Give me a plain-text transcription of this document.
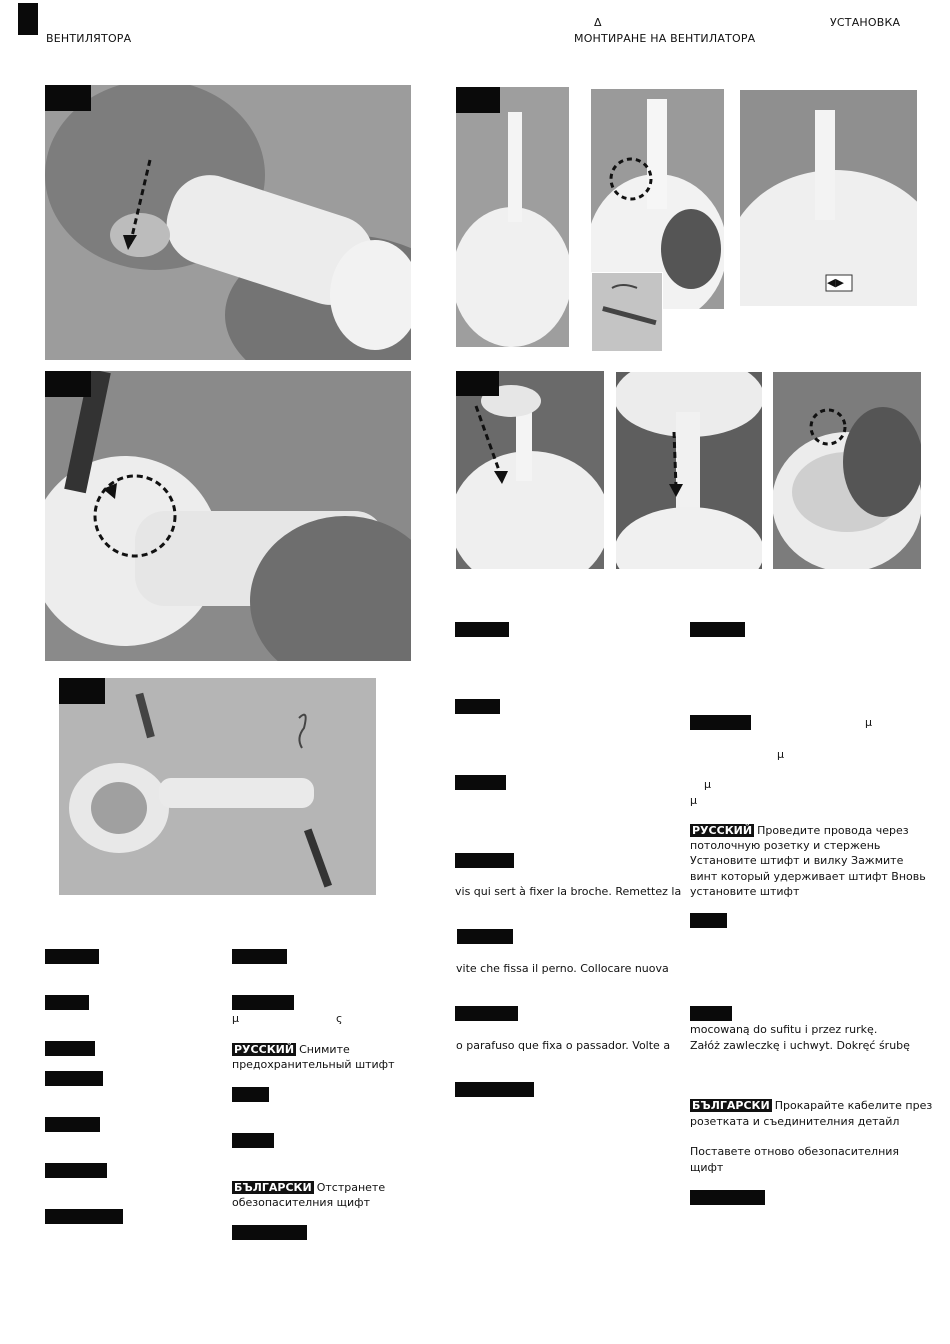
ВЕНТИЛЯТОРА
Δ
МОНТИРАНЕ НА ВЕНТИЛАТОРА
УСТАНОВКА
◀▶
vis qui sert à fixer la broche. Remettez la
vite che fissa il perno. Collocare nuova
o parafuso que fixa o passador. Volte a
μ
μ
μ
μ
РУССКИЙ Проведите провода через
потолочную розетку и стержень
Установите штифт и вилку Зажмите
винт который удерживает штифт Вновь
установите штифт
mocowaną do sufitu i przez rurkę.
Załóż zawleczkę i uchwyt. Dokręć śrubę
БЪЛГАРСКИ Прокарайте кабелите през
розетката и съединителния детайл
Поставете отново обезопасителния
щифт
μ	ς
РУССКИЙ Снимите
предохранительный штифт
БЪЛГАРСКИ Отстранете
обезопасителния щифт
